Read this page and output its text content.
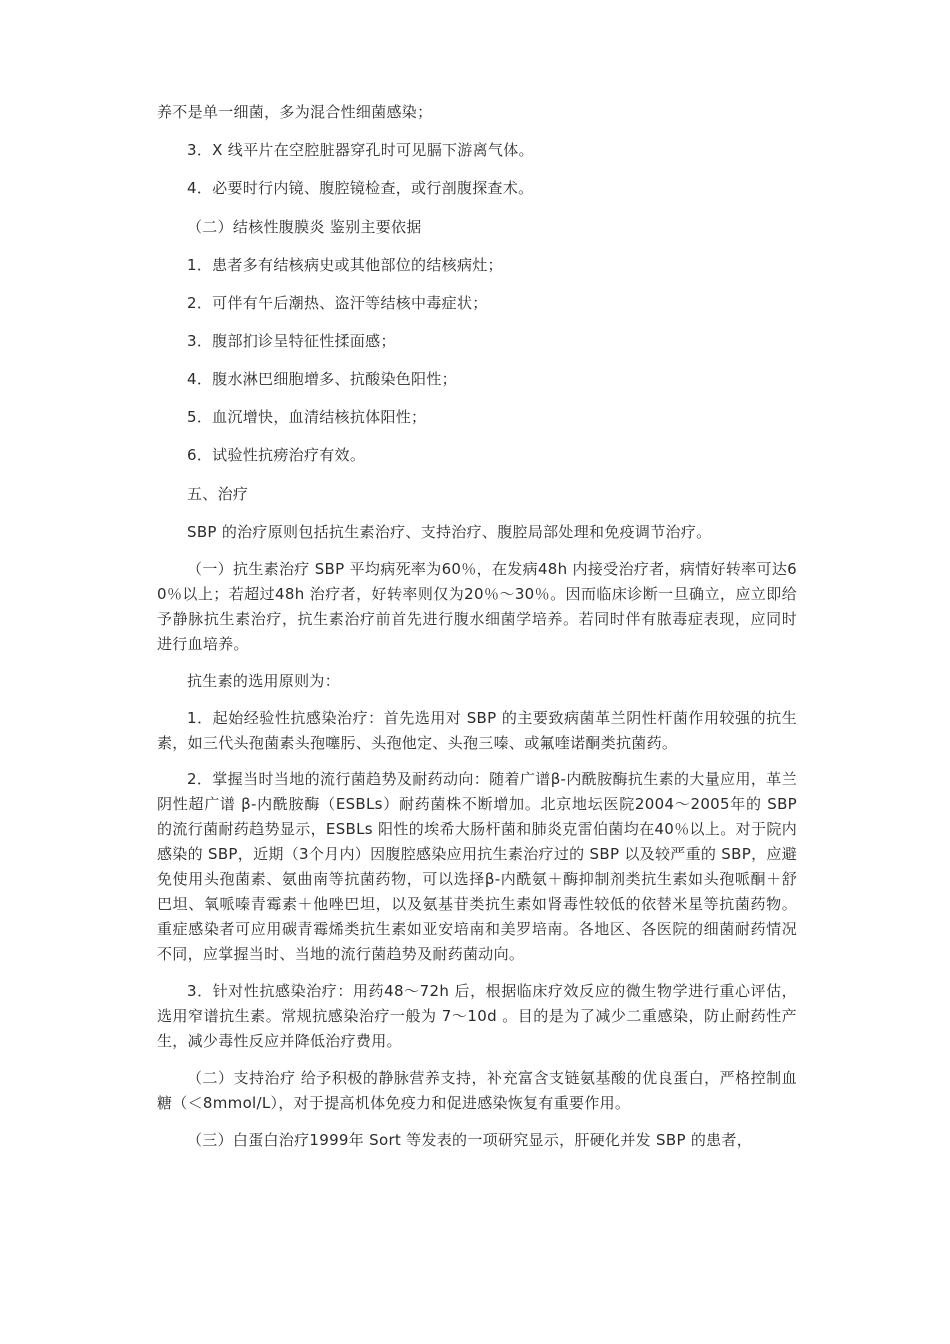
养不是单一细菌，多为混合性细菌感染；

3．X 线平片在空腔脏器穿孔时可见膈下游离气体。

4．必要时行内镜、腹腔镜检查，或行剖腹探查术。

（二）结核性腹膜炎 鉴别主要依据

1．患者多有结核病史或其他部位的结核病灶；

2．可伴有午后潮热、盗汗等结核中毒症状；

3．腹部扪诊呈特征性揉面感；

4．腹水淋巴细胞增多、抗酸染色阳性；

5．血沉增快，血清结核抗体阳性；

6．试验性抗痨治疗有效。

五、治疗

SBP 的治疗原则包括抗生素治疗、支持治疗、腹腔局部处理和免疫调节治疗。

（一）抗生素治疗 SBP 平均病死率为60％，在发病48h 内接受治疗者，病情好转率可达60％以上；若超过48h 治疗者，好转率则仅为20％～30％。因而临床诊断一旦确立，应立即给予静脉抗生素治疗，抗生素治疗前首先进行腹水细菌学培养。若同时伴有脓毒症表现，应同时进行血培养。

抗生素的选用原则为：

1．起始经验性抗感染治疗：首先选用对 SBP 的主要致病菌革兰阴性杆菌作用较强的抗生素，如三代头孢菌素头孢噻肟、头孢他定、头孢三嗪、或氟喹诺酮类抗菌药。

2．掌握当时当地的流行菌趋势及耐药动向：随着广谱β-内酰胺酶抗生素的大量应用，革兰阴性超广谱 β-内酰胺酶（ESBLs）耐药菌株不断增加。北京地坛医院2004～2005年的 SBP 的流行菌耐药趋势显示，ESBLs 阳性的埃希大肠杆菌和肺炎克雷伯菌均在40％以上。对于院内感染的 SBP，近期（3个月内）因腹腔感染应用抗生素治疗过的 SBP 以及较严重的 SBP，应避免使用头孢菌素、氨曲南等抗菌药物，可以选择β-内酰氨＋酶抑制剂类抗生素如头孢哌酮＋舒巴坦、氧哌嗪青霉素＋他唑巴坦，以及氨基苷类抗生素如肾毒性较低的依替米星等抗菌药物。重症感染者可应用碳青霉烯类抗生素如亚安培南和美罗培南。各地区、各医院的细菌耐药情况不同，应掌握当时、当地的流行菌趋势及耐药菌动向。

3．针对性抗感染治疗：用药48～72h 后，根据临床疗效反应的微生物学进行重心评估，选用窄谱抗生素。常规抗感染治疗一般为 7～10d 。目的是为了减少二重感染，防止耐药性产生，减少毒性反应并降低治疗费用。

（二）支持治疗 给予积极的静脉营养支持，补充富含支链氨基酸的优良蛋白，严格控制血糖（＜8mmol/L），对于提高机体免疫力和促进感染恢复有重要作用。

（三）白蛋白治疗1999年 Sort 等发表的一项研究显示，肝硬化并发 SBP 的患者，
